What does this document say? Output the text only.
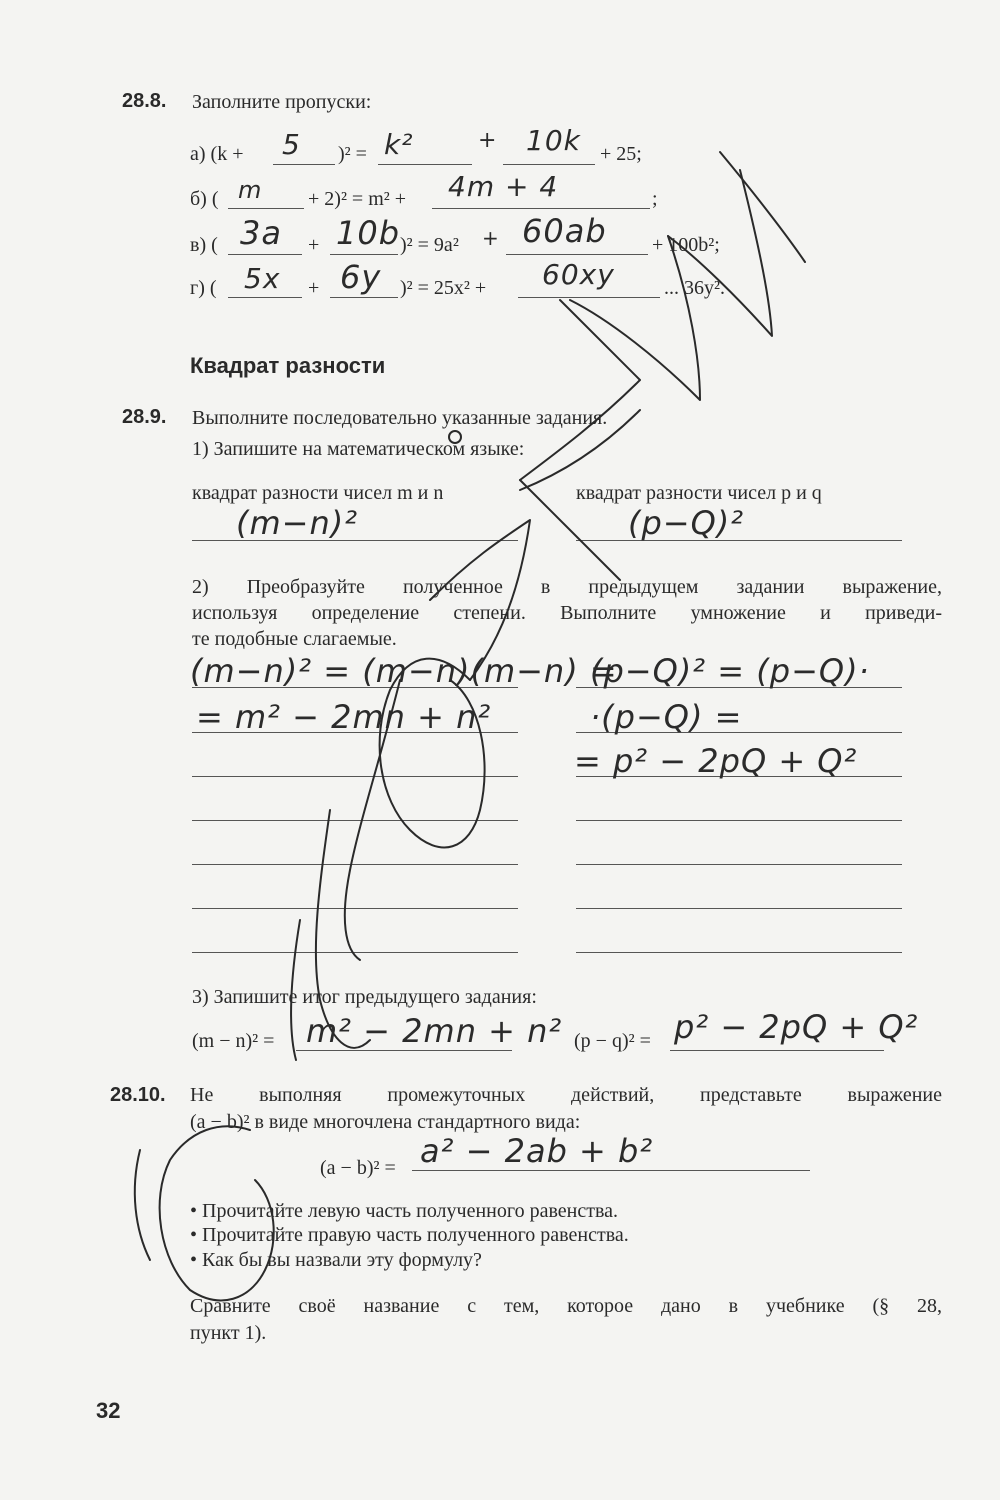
28.8. Заполните пропуски:
а) (k + 5 )² = k²	+ 10k + 25;
б) ( m + 2)² = m² + 4m + 4	;
в) ( 3a + 10b )² = 9a² + 60ab + 100b²;
г) ( 5x + 6y )² = 25x² + 60xy ... 36y².
Квадрат разности
28.9. Выполните последовательно указанные задания.
1) Запишите на математическом языке:
квадрат разности чисел m и n	квадрат разности чисел p и q
(m−n)²	(p−Q)²
2) Преобразуйте полученное в предыдущем задании выражение,
используя определение степени. Выполните умножение и приведи-
те подобные слагаемые.
(m−n)² = (m−n)(m−n) =
= m² − 2mn + n²
(p−Q)² = (p−Q)·
·(p−Q) =
= p² − 2pQ + Q²
3) Запишите итог предыдущего задания:
(m − n)² = m² − 2mn + n² (p − q)² = p² − 2pQ + Q²
28.10. Не выполняя промежуточных действий, представьте выражение
(a − b)² в виде многочлена стандартного вида:
(a − b)² = a² − 2ab + b²
• Прочитайте левую часть полученного равенства.
• Прочитайте правую часть полученного равенства.
• Как бы вы назвали эту формулу?
Сравните своё название с тем, которое дано в учебнике (§ 28,
пункт 1).
32
